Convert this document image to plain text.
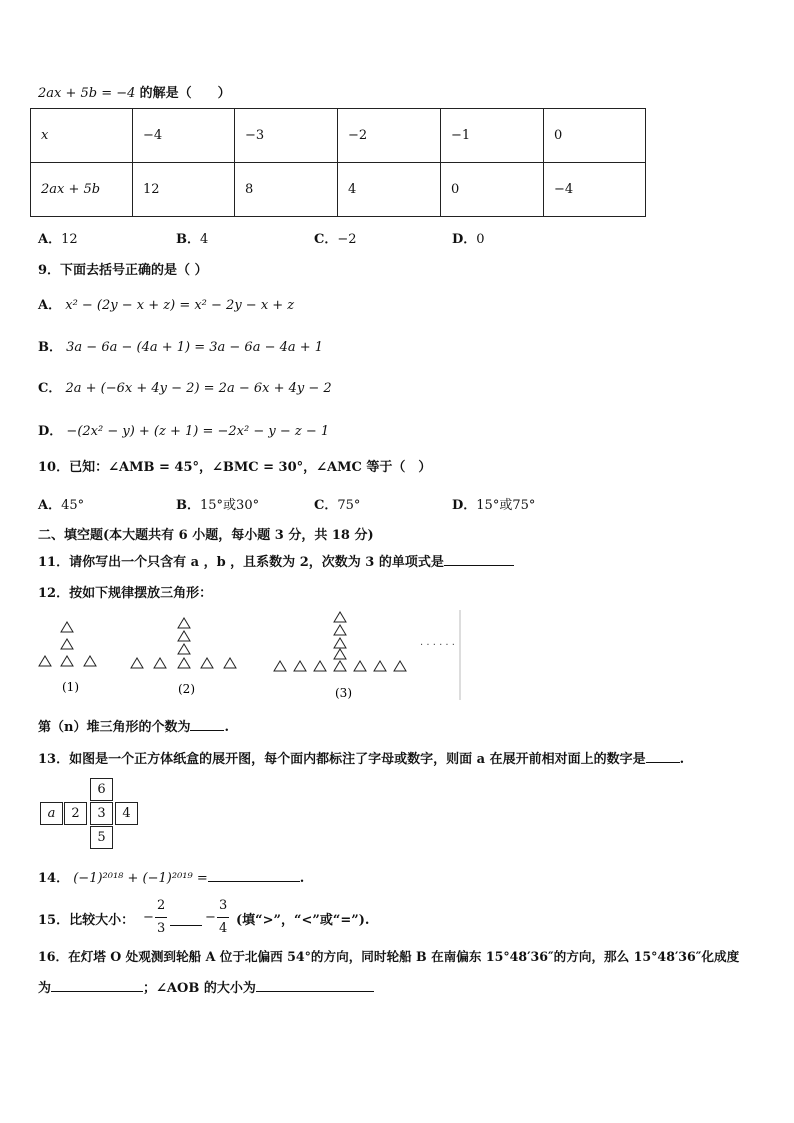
2ax + 5b = −4 的解是（　　）
x	−4	−3	−2	−1	0
2ax + 5b	12	8	4	0	−4
A．12	B．4	C．−2	D．0
9．下面去括号正确的是（ ）
A． x² − (2y − x + z) = x² − 2y − x + z
B． 3a − 6a − (4a + 1) = 3a − 6a − 4a + 1
C． 2a + (−6x + 4y − 2) = 2a − 6x + 4y − 2
D． −(2x² − y) + (z + 1) = −2x² − y − z − 1
10．已知：∠AMB = 45°，∠BMC = 30°，∠AMC 等于（　）
A．45°	B．15°或30°	C．75°	D．15°或75°
二、填空题(本大题共有 6 小题，每小题 3 分，共 18 分)
11．请你写出一个只含有 a ，b ，且系数为 2，次数为 3 的单项式是
12．按如下规律摆放三角形：
(1)	(2)	(3)
· · · · · ·
第（n）堆三角形的个数为	.
13．如图是一个正方体纸盒的展开图，每个面内都标注了字母或数字，则面 a 在展开前相对面上的数字是	.
6
a	2	3	4
5
14． (−1)²⁰¹⁸ + (−1)²⁰¹⁹ =	.
15．比较大小： −
2
3
−
3
4
(填“>”，“<”或“=”).
16．在灯塔 O 处观测到轮船 A 位于北偏西 54°的方向，同时轮船 B 在南偏东 15°48′36″的方向，那么 15°48′36″化成度
为	；∠AOB 的大小为
